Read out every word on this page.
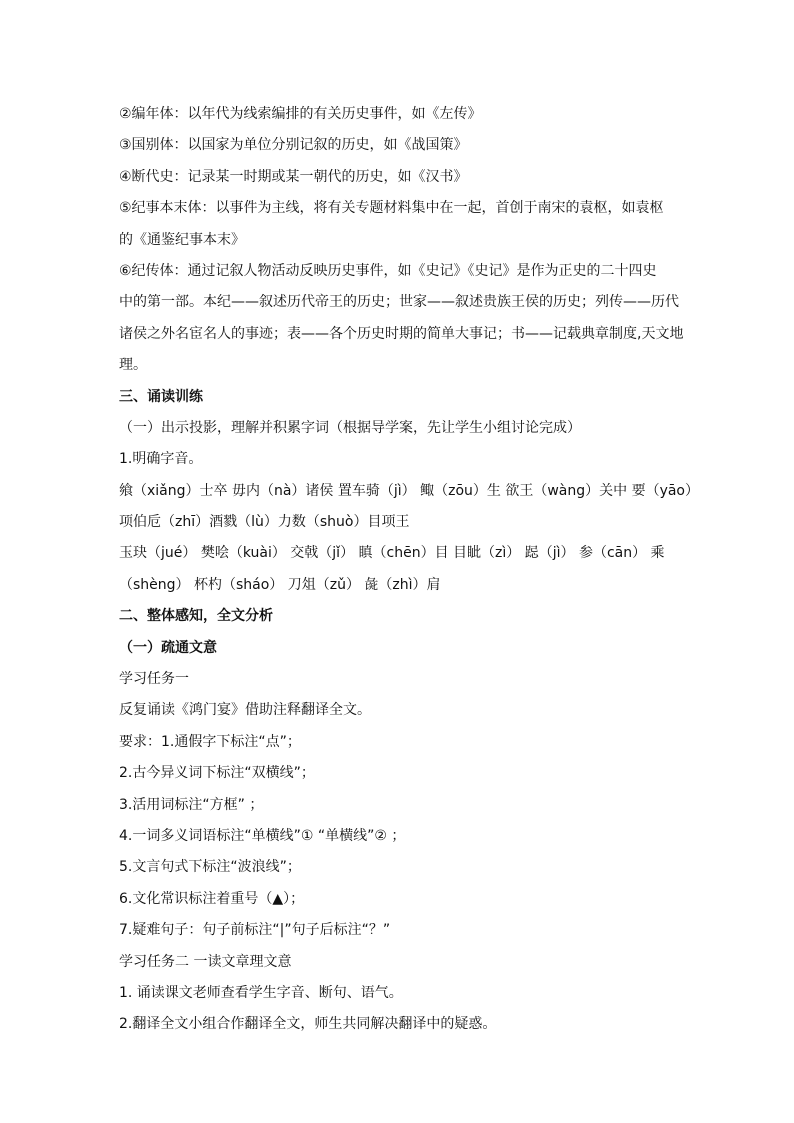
②编年体：以年代为线索编排的有关历史事件，如《左传》
③国别体：以国家为单位分别记叙的历史，如《战国策》
④断代史：记录某一时期或某一朝代的历史，如《汉书》
⑤纪事本末体：以事件为主线，将有关专题材料集中在一起，首创于南宋的袁枢，如袁枢
的《通鉴纪事本末》
⑥纪传体：通过记叙人物活动反映历史事件，如《史记》《史记》是作为正史的二十四史
中的第一部。本纪——叙述历代帝王的历史；世家——叙述贵族王侯的历史；列传——历代
诸侯之外名宦名人的事迹；表——各个历史时期的简单大事记；书——记载典章制度,天文地
理。
三、诵读训练
（一）出示投影，理解并积累字词（根据导学案，先让学生小组讨论完成）
1.明确字音。
飨（xiǎng）士卒 毋内（nà）诸侯 置车骑（jì） 鲰（zōu）生 欲王（wàng）关中 要（yāo）
项伯卮（zhī）酒戮（lù）力数（shuò）目项王
玉玦（jué） 樊哙（kuài） 交戟（jǐ） 瞋（chēn）目 目眦（zì） 跽（jì） 参（cān） 乘
（shèng） 杯杓（sháo） 刀俎（zǔ） 彘（zhì）肩
二、整体感知，全文分析
（一）疏通文意
学习任务一
反复诵读《鸿门宴》借助注释翻译全文。
要求：1.通假字下标注“点”；
2.古今异义词下标注“双横线”；
3.活用词标注“方框” ；
4.一词多义词语标注“单横线”① “单横线”② ；
5.文言句式下标注“波浪线”；
6.文化常识标注着重号（▲）；
7.疑难句子：句子前标注“|”句子后标注“？”
学习任务二 一读文章理文意
1. 诵读课文老师查看学生字音、断句、语气。
2.翻译全文小组合作翻译全文，师生共同解决翻译中的疑惑。
